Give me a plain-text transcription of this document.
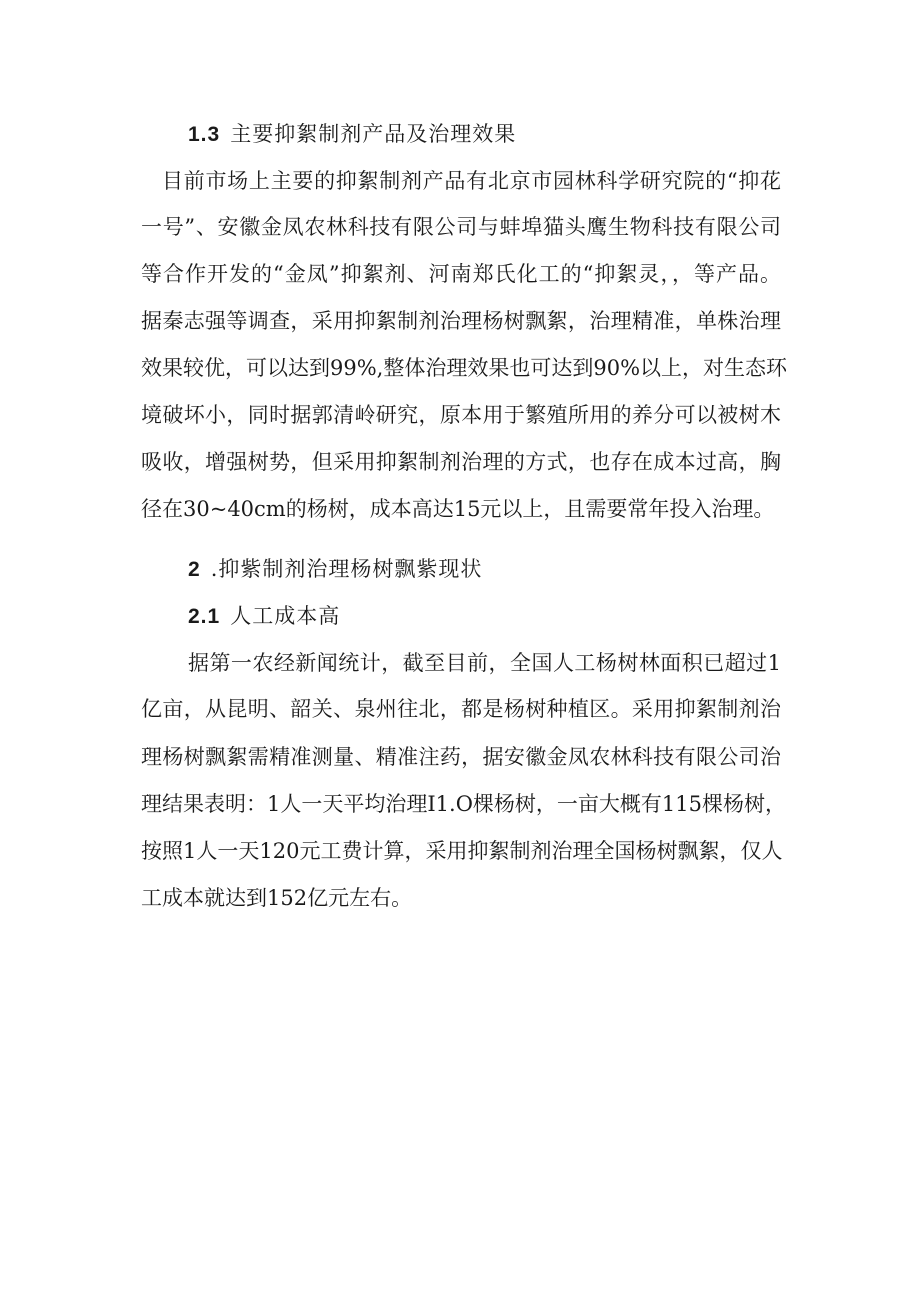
1.3 主要抑絮制剂产品及治理效果
目前市场上主要的抑絮制剂产品有北京市园林科学研究院的“抑花
一号”、安徽金凤农林科技有限公司与蚌埠猫头鹰生物科技有限公司
等合作开发的“金凤”抑絮剂、河南郑氏化工的“抑絮灵，，等产品。
据秦志强等调查，采用抑絮制剂治理杨树飘絮，治理精准，单株治理
效果较优，可以达到99%,整体治理效果也可达到90%以上，对生态环
境破坏小，同时据郭清岭研究，原本用于繁殖所用的养分可以被树木
吸收，增强树势，但采用抑絮制剂治理的方式，也存在成本过高，胸
径在30~40cm的杨树，成本高达15元以上，且需要常年投入治理。
2 .抑紫制剂治理杨树飘紫现状
2.1 人工成本高
据第一农经新闻统计，截至目前，全国人工杨树林面积已超过1
亿亩，从昆明、韶关、泉州往北，都是杨树种植区。采用抑絮制剂治
理杨树飘絮需精准测量、精准注药，据安徽金凤农林科技有限公司治
理结果表明：1人一天平均治理I1.O棵杨树，一亩大概有115棵杨树，
按照1人一天120元工费计算，采用抑絮制剂治理全国杨树飘絮，仅人
工成本就达到152亿元左右。
